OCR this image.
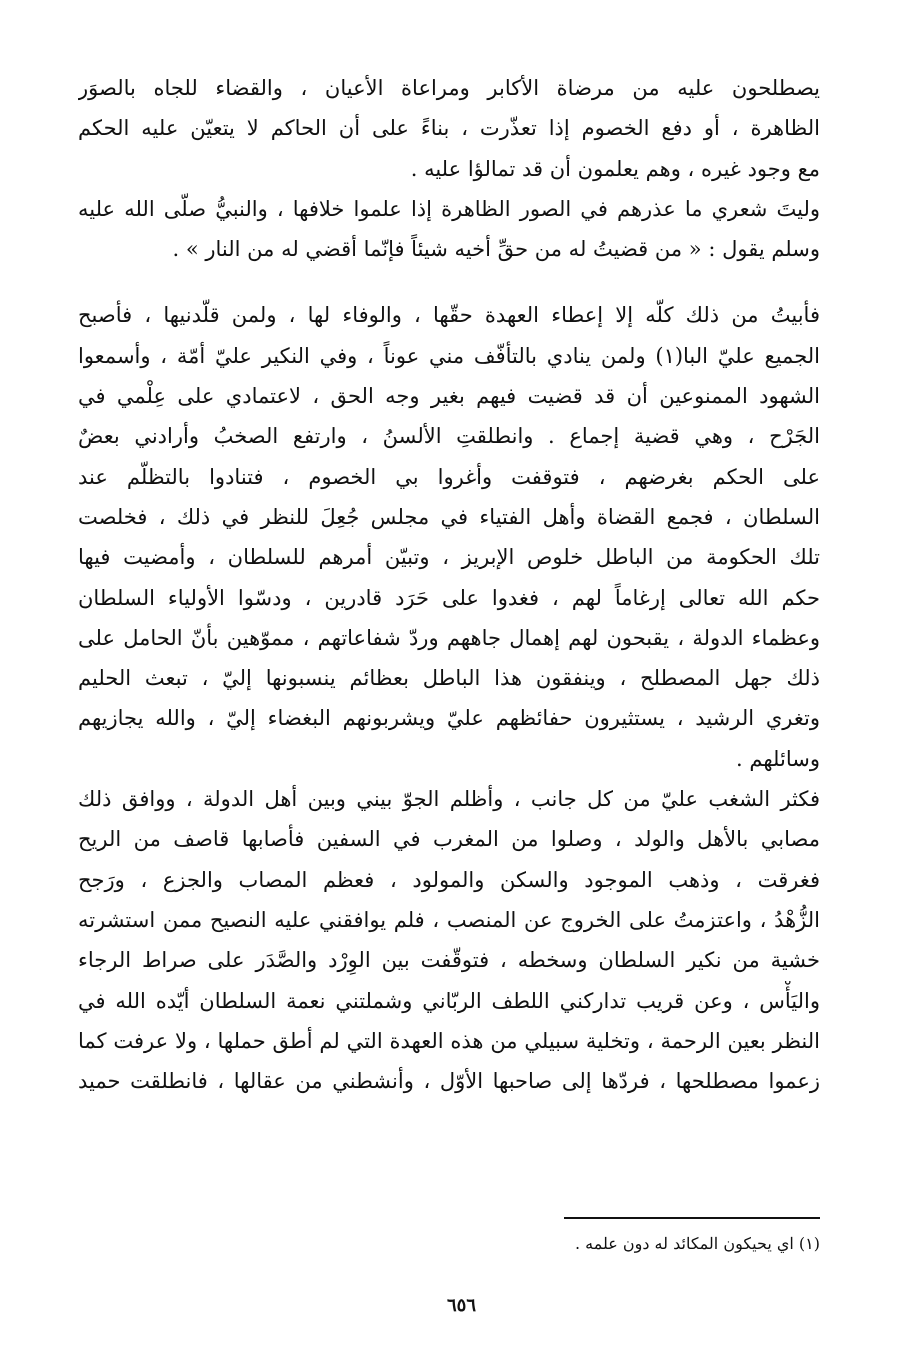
يصطلحون عليه من مرضاة الأكابر ومراعاة الأعيان ، والقضاء للجاه بالصوَر
الظاهرة ، أو دفع الخصوم إذا تعذّرت ، بناءً على أن الحاكم لا يتعيّن عليه الحكم
مع وجود غيره ، وهم يعلمون أن قد تمالؤا عليه .
وليتَ شعري ما عذرهم في الصور الظاهرة إذا علموا خلافها ، والنبيُّ صلّى الله عليه
وسلم يقول : « من قضيتُ له من حقِّ أخيه شيئاً فإنّما أقضي له من النار » .
فأبيتُ من ذلك كلّه إلا إعطاء العهدة حقّها ، والوفاء لها ، ولمن قلّدنيها ، فأصبح
الجميع عليّ البا(١) ولمن ينادي بالتأفّف مني عوناً ، وفي النكير عليّ أمّة ، وأسمعوا
الشهود الممنوعين أن قد قضيت فيهم بغير وجه الحق ، لاعتمادي على عِلْمي في
الجَرْح ، وهي قضية إجماع . وانطلقتِ الألسنُ ، وارتفع الصخبُ وأرادني بعضٌ
على الحكم بغرضهم ، فتوقفت وأغروا بي الخصوم ، فتنادوا بالتظلّم عند
السلطان ، فجمع القضاة وأهل الفتياء في مجلس جُعِلَ للنظر في ذلك ، فخلصت
تلك الحكومة من الباطل خلوص الإبريز ، وتبيّن أمرهم للسلطان ، وأمضيت فيها
حكم الله تعالى إرغاماً لهم ، فغدوا على حَرَد قادرين ، ودسّوا الأولياء السلطان
وعظماء الدولة ، يقبحون لهم إهمال جاههم وردّ شفاعاتهم ، مموّهين بأنّ الحامل على
ذلك جهل المصطلح ، وينفقون هذا الباطل بعظائم ينسبونها إليّ ، تبعث الحليم
وتغري الرشيد ، يستثيرون حفائظهم عليّ ويشربونهم البغضاء إليّ ، والله يجازيهم
وسائلهم .
فكثر الشغب عليّ من كل جانب ، وأظلم الجوّ بيني وبين أهل الدولة ، ووافق ذلك
مصابي بالأهل والولد ، وصلوا من المغرب في السفين فأصابها قاصف من الريح
فغرقت ، وذهب الموجود والسكن والمولود ، فعظم المصاب والجزع ، ورَجح
الزُّهْدُ ، واعتزمتُ على الخروج عن المنصب ، فلم يوافقني عليه النصيح ممن استشرته
خشية من نكير السلطان وسخطه ، فتوقّفت بين الوِرْد والصَّدَر على صراط الرجاء
واليَأْس ، وعن قريب تداركني اللطف الربّاني وشملتني نعمة السلطان أيّده الله في
النظر بعين الرحمة ، وتخلية سبيلي من هذه العهدة التي لم أطق حملها ، ولا عرفت كما
زعموا مصطلحها ، فردّها إلى صاحبها الأوّل ، وأنشطني من عقالها ، فانطلقت حميد
(١) اي يحيكون المكائد له دون علمه .
٦٥٦
